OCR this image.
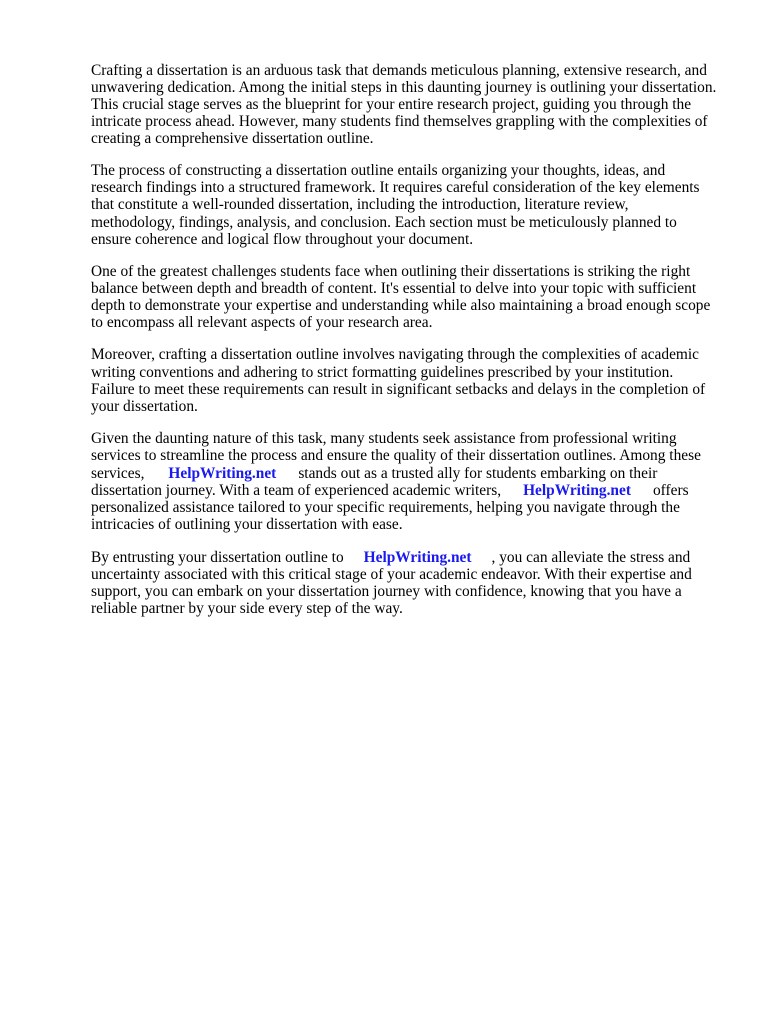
Crafting a dissertation is an arduous task that demands meticulous planning, extensive research, and
unwavering dedication. Among the initial steps in this daunting journey is outlining your dissertation.
This crucial stage serves as the blueprint for your entire research project, guiding you through the
intricate process ahead. However, many students find themselves grappling with the complexities of
creating a comprehensive dissertation outline.
The process of constructing a dissertation outline entails organizing your thoughts, ideas, and
research findings into a structured framework. It requires careful consideration of the key elements
that constitute a well-rounded dissertation, including the introduction, literature review,
methodology, findings, analysis, and conclusion. Each section must be meticulously planned to
ensure coherence and logical flow throughout your document.
One of the greatest challenges students face when outlining their dissertations is striking the right
balance between depth and breadth of content. It's essential to delve into your topic with sufficient
depth to demonstrate your expertise and understanding while also maintaining a broad enough scope
to encompass all relevant aspects of your research area.
Moreover, crafting a dissertation outline involves navigating through the complexities of academic
writing conventions and adhering to strict formatting guidelines prescribed by your institution.
Failure to meet these requirements can result in significant setbacks and delays in the completion of
your dissertation.
Given the daunting nature of this task, many students seek assistance from professional writing
services to streamline the process and ensure the quality of their dissertation outlines. Among these
services, HelpWriting.net stands out as a trusted ally for students embarking on their
dissertation journey. With a team of experienced academic writers, HelpWriting.net offers
personalized assistance tailored to your specific requirements, helping you navigate through the
intricacies of outlining your dissertation with ease.
By entrusting your dissertation outline to HelpWriting.net , you can alleviate the stress and
uncertainty associated with this critical stage of your academic endeavor. With their expertise and
support, you can embark on your dissertation journey with confidence, knowing that you have a
reliable partner by your side every step of the way.
